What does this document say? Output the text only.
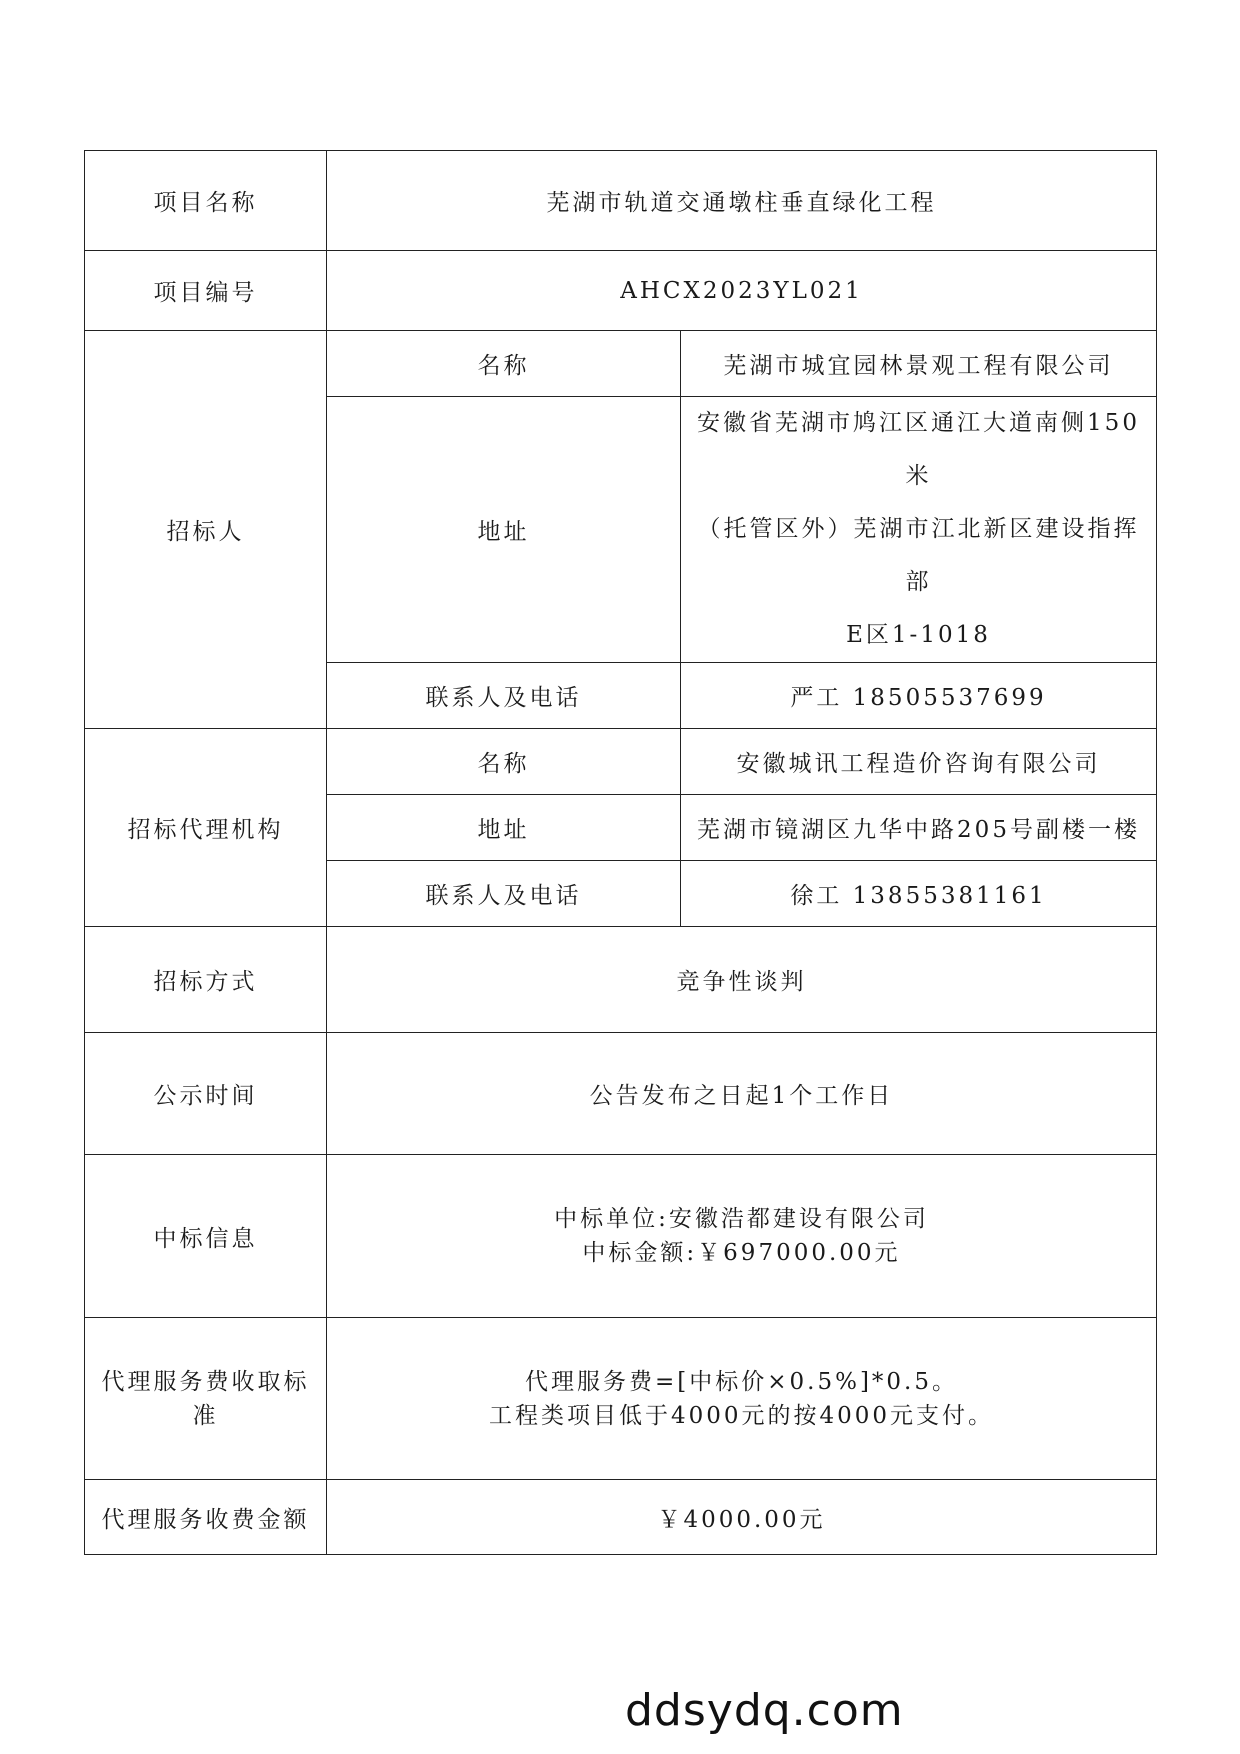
项目名称	芜湖市轨道交通墩柱垂直绿化工程	
项目编号	AHCX2023YL021	
招标人	名称	芜湖市城宜园林景观工程有限公司
	地址	安徽省芜湖市鸠江区通江大道南侧150米
（托管区外）芜湖市江北新区建设指挥部
E区1-1018

	联系人及电话	严工 18505537699
招标代理机构	名称	安徽城讯工程造价咨询有限公司
	地址	芜湖市镜湖区九华中路205号副楼一楼
	联系人及电话	徐工 13855381161
招标方式	竞争性谈判	
公示时间	公告发布之日起1个工作日	
中标信息	中标单位:安徽浩都建设有限公司
中标金额:￥697000.00元	

代理服务费收取标准	代理服务费=[中标价×0.5%]*0.5。
工程类项目低于4000元的按4000元支付。	

代理服务收费金额	￥4000.00元	
ddsydq.com
